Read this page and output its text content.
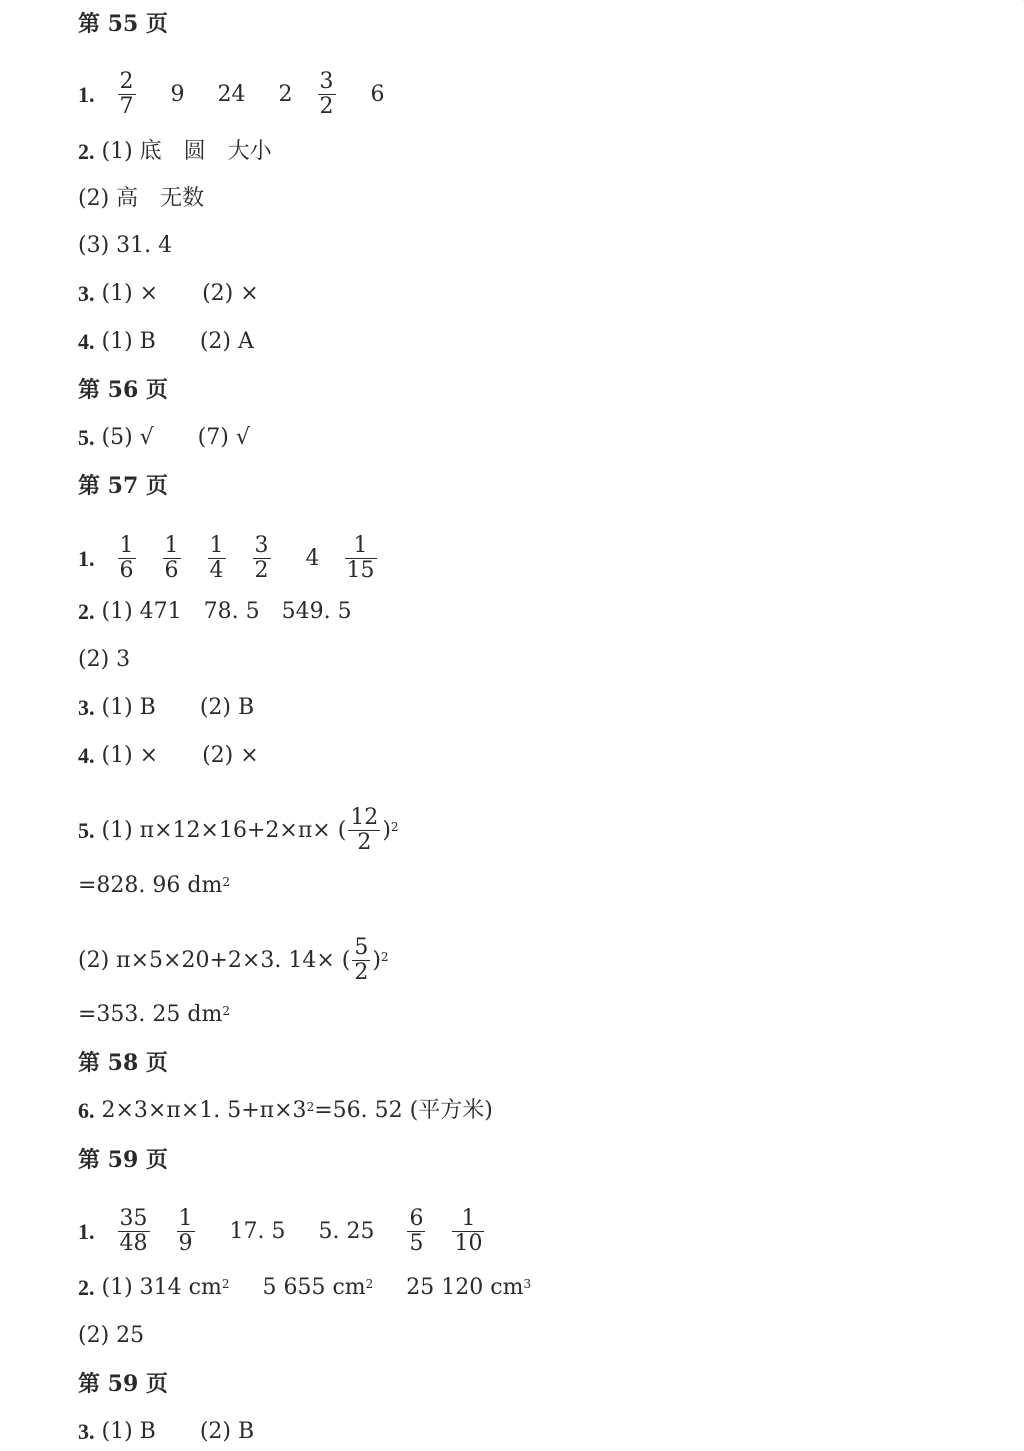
第 55 页
1. $\frac{2}{7} 9$ 24 $2 \frac{3}{2} 6$
2. (1) 底　圆　大小
(2) 高　无数
(3) 31. 4
3. (1) ×　　(2) ×
4. (1) B　　(2) A
第 56 页
5. (5) √　　(7) √
第 57 页
1. $\frac{1}{6}$
$\frac{1}{6}$
$\frac{1}{4}$
$\frac{3}{2} 4 \frac{1}{15}$
2. (1) 471　78. 5　549. 5
(2) 3
3. (1) B　　(2) B
4. (1) ×　　(2) ×
5. (1) π×12×16+2×π× ( $\frac{12}{2} )2$
=828. 96 dm2
(2) π×5×20+2×3. 14× ( $\frac{5}{2} )2$
=353. 25 dm2
第 58 页
6. 2×3×π×1. 5+π×32=56. 52 (平方米)
第 59 页
1. $\frac{35}{48}$
$\frac{1}{9} 17$. 5 5. $25 \frac{6}{5}$
$\frac{1}{10}$
2. (1) 314 cm2 5 655 cm2 25 120 cm3
(2) 25
第 59 页
3. (1) B　　(2) B
